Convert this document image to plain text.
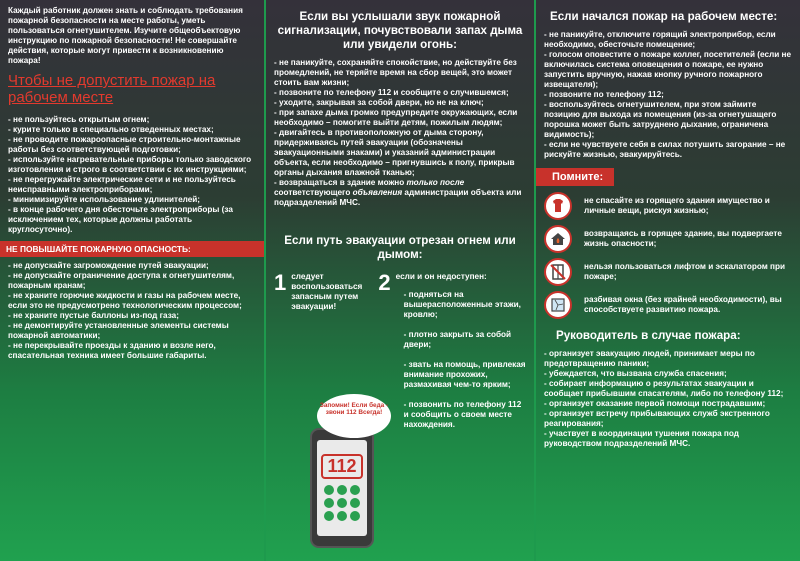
Каждый работник должен знать и соблюдать требования пожарной безопасности на месте работы, уметь пользоваться огнетушителем. Изучите общеобъектовую инструкцию по пожарной безопасности! Не совершайте действия, которые могут привести к возникновению пожара!
Чтобы не допустить пожар на рабочем месте
- не пользуйтесь открытым огнем;
- курите только в специально отведенных местах;
- не проводите пожароопасные строительно-монтажные работы без соответствующей подготовки;
- используйте нагревательные приборы только заводского изготовления и строго в соответствии с их инструкциями;
- не перегружайте электрические сети и не пользуйтесь неисправными электроприборами;
- минимизируйте использование удлинителей;
- в конце рабочего дня обесточьте электроприборы (за исключением тех, которые должны работать круглосуточно).
НЕ ПОВЫШАЙТЕ ПОЖАРНУЮ ОПАСНОСТЬ:
- не допускайте загромождение путей эвакуации;
- не допускайте ограничение доступа к огнетушителям, пожарным кранам;
- не храните горючие жидкости и газы на рабочем месте, если это не предусмотрено технологическим процессом;
- не храните пустые баллоны из-под газа;
- не демонтируйте установленные элементы системы пожарной автоматики;
- не перекрывайте проезды к зданию и возле него, спасательная техника имеет большие габариты.
Если вы услышали звук пожарной сигнализации, почувствовали запах дыма или увидели огонь:
- не паникуйте, сохраняйте спокойствие, но действуйте без промедлений, не теряйте время на сбор вещей, это может стоить вам жизни;
- позвоните по телефону 112 и сообщите о случившемся;
- уходите, закрывая за собой двери, но не на ключ;
- при запахе дыма громко предупредите окружающих, если необходимо – помогите выйти детям, пожилым людям;
- двигайтесь в противоположную от дыма сторону, придерживаясь путей эвакуации (обозначены эвакуационными знаками) и указаний администрации объекта, если необходимо – пригнувшись к полу, прикрыв органы дыхания влажной тканью;
- возвращаться в здание можно только после соответствующего объявления администрации объекта или подразделений МЧС.
Если путь эвакуации отрезан огнем или дымом:
1 следует воспользоваться запасным путем эвакуации!
2 если и он недоступен:
- подняться на вышерасположенные этажи, кровлю;

- плотно закрыть за собой двери;

- звать на помощь, привлекая внимание прохожих, размахивая чем-то ярким;

- позвонить по телефону 112 и сообщить о своем месте нахождения.
112
Запомни! Если беда - звони 112 Всегда!
Если начался пожар на рабочем месте:
- не паникуйте, отключите горящий электроприбор, если необходимо, обесточьте помещение;
- голосом оповестите о пожаре коллег, посетителей (если не включилась система оповещения о пожаре, ее нужно запустить вручную, нажав кнопку ручного пожарного извещателя);
- позвоните по телефону 112;
- воспользуйтесь огнетушителем, при этом займите позицию для выхода из помещения (из-за огнетушащего порошка может быть затруднено дыхание, ограничена видимость);
- если не чувствуете себя в силах потушить загорание – не рискуйте жизнью, эвакуируйтесь.
Помните:
не спасайте из горящего здания имущество и личные вещи, рискуя жизнью;
возвращаясь в горящее здание, вы подвергаете жизнь опасности;
нельзя пользоваться лифтом и эскалатором при пожаре;
разбивая окна (без крайней необходимости), вы способствуете развитию пожара.
Руководитель в случае пожара:
- организует эвакуацию людей, принимает меры по предотвращению паники;
- убеждается, что вызвана служба спасения;
- собирает информацию о результатах эвакуации и сообщает прибывшим спасателям, либо по телефону 112;
- организует оказание первой помощи пострадавшим;
- организует встречу прибывающих служб экстренного реагирования;
- участвует в координации тушения пожара под руководством подразделений МЧС.
